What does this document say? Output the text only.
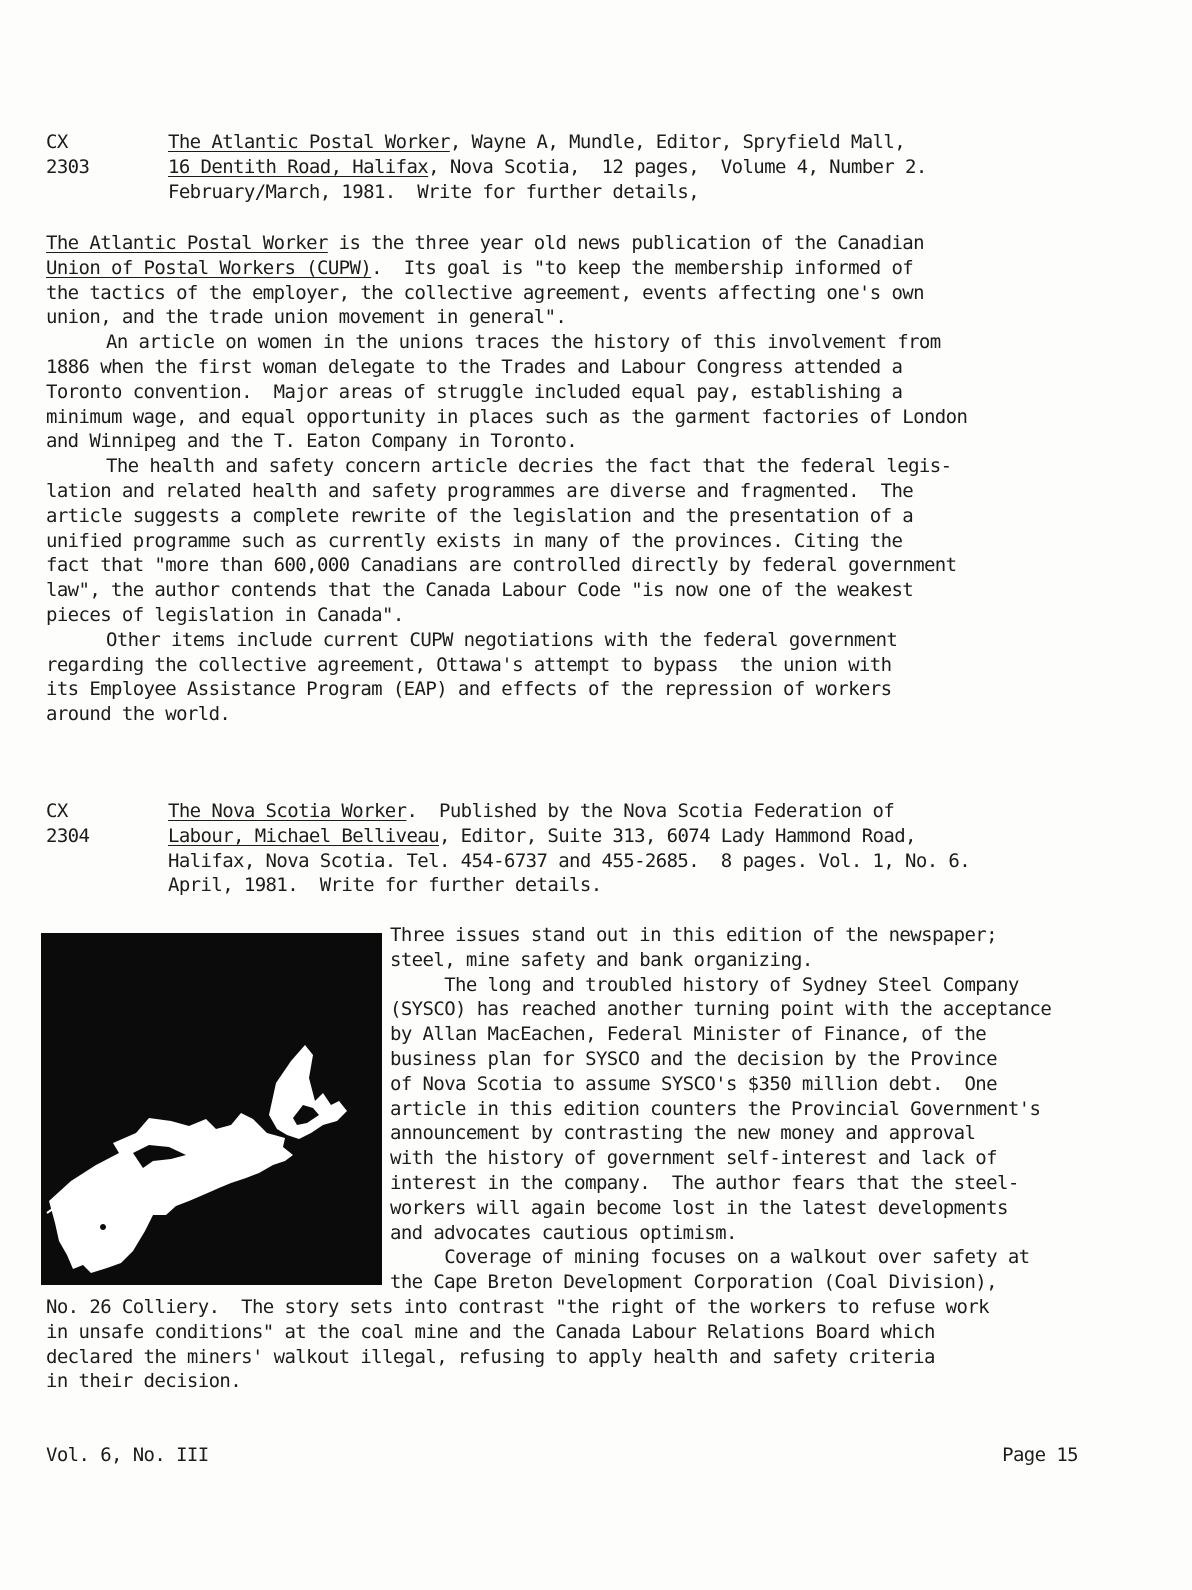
CX
2303
The Atlantic Postal Worker, Wayne A, Mundle, Editor, Spryfield Mall,
16 Dentith Road, Halifax, Nova Scotia,  12 pages,  Volume 4, Number 2.
February/March, 1981.  Write for further details,
The Atlantic Postal Worker is the three year old news publication of the Canadian
Union of Postal Workers (CUPW).  Its goal is "to keep the membership informed of
the tactics of the employer, the collective agreement, events affecting one's own
union, and the trade union movement in general".
An article on women in the unions traces the history of this involvement from
1886 when the first woman delegate to the Trades and Labour Congress attended a
Toronto convention.  Major areas of struggle included equal pay, establishing a
minimum wage, and equal opportunity in places such as the garment factories of London
and Winnipeg and the T. Eaton Company in Toronto.
The health and safety concern article decries the fact that the federal legis-
lation and related health and safety programmes are diverse and fragmented.  The
article suggests a complete rewrite of the legislation and the presentation of a
unified programme such as currently exists in many of the provinces. Citing the
fact that "more than 600,000 Canadians are controlled directly by federal government
law", the author contends that the Canada Labour Code "is now one of the weakest
pieces of legislation in Canada".
Other items include current CUPW negotiations with the federal government
regarding the collective agreement, Ottawa's attempt to bypass  the union with
its Employee Assistance Program (EAP) and effects of the repression of workers
around the world.
CX
2304
The Nova Scotia Worker.  Published by the Nova Scotia Federation of
Labour, Michael Belliveau, Editor, Suite 313, 6074 Lady Hammond Road,
Halifax, Nova Scotia. Tel. 454-6737 and 455-2685.  8 pages. Vol. 1, No. 6.
April, 1981.  Write for further details.
Three issues stand out in this edition of the newspaper;
steel, mine safety and bank organizing.
The long and troubled history of Sydney Steel Company
(SYSCO) has reached another turning point with the acceptance
by Allan MacEachen, Federal Minister of Finance, of the
business plan for SYSCO and the decision by the Province
of Nova Scotia to assume SYSCO's $350 million debt.  One
article in this edition counters the Provincial Government's
announcement by contrasting the new money and approval
with the history of government self-interest and lack of
interest in the company.  The author fears that the steel-
workers will again become lost in the latest developments
and advocates cautious optimism.
Coverage of mining focuses on a walkout over safety at
the Cape Breton Development Corporation (Coal Division),
No. 26 Colliery.  The story sets into contrast "the right of the workers to refuse work
in unsafe conditions" at the coal mine and the Canada Labour Relations Board which
declared the miners' walkout illegal, refusing to apply health and safety criteria
in their decision.
Vol. 6, No. III	Page 15
